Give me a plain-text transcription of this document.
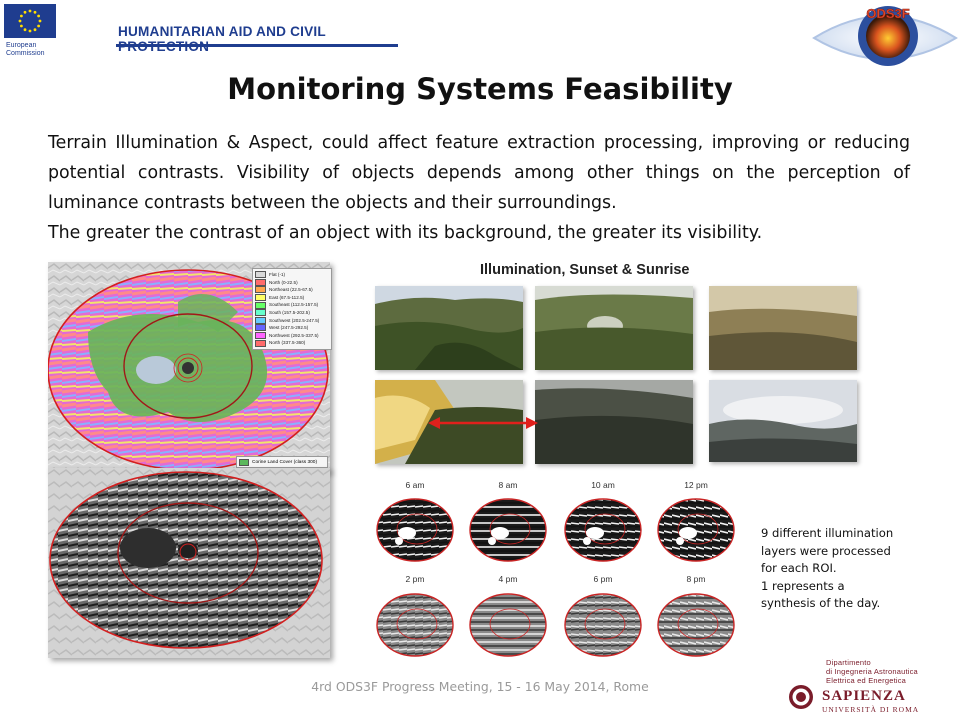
European
Commission
HUMANITARIAN AID AND CIVIL
ODS3F
Monitoring Systems Feasibility

Terrain Illumination & Aspect, could affect feature extraction processing, improving or reducing potential contrasts. Visibility of objects depends among other things on the perception of luminance contrasts between the objects and their surroundings.

The greater the contrast of an object with its background, the greater its visibility.

Flat (-1)
North (0-22.5)
Northeast (22.5-67.5)
East (67.5-112.5)
Southeast (112.5-157.5)
South (157.5-202.5)
Southwest (202.5-247.5)
West (247.5-292.5)
Northwest (292.5-337.5)
North (337.5-360)
Corine Land Cover (class 300)
Illumination, Sunset & Sunrise
6 am	8 am	10 am	12 pm
2 pm	4 pm	6 pm	8 pm

9 different illumination layers were processed for each ROI.

1 represents a synthesis of the day.

4rd ODS3F Progress Meeting, 15 - 16 May 2014, Rome
Dipartimento
di Ingegneria Astronautica
Elettrica ed Energetica
SAPIENZA
UNIVERSITÀ DI ROMA
